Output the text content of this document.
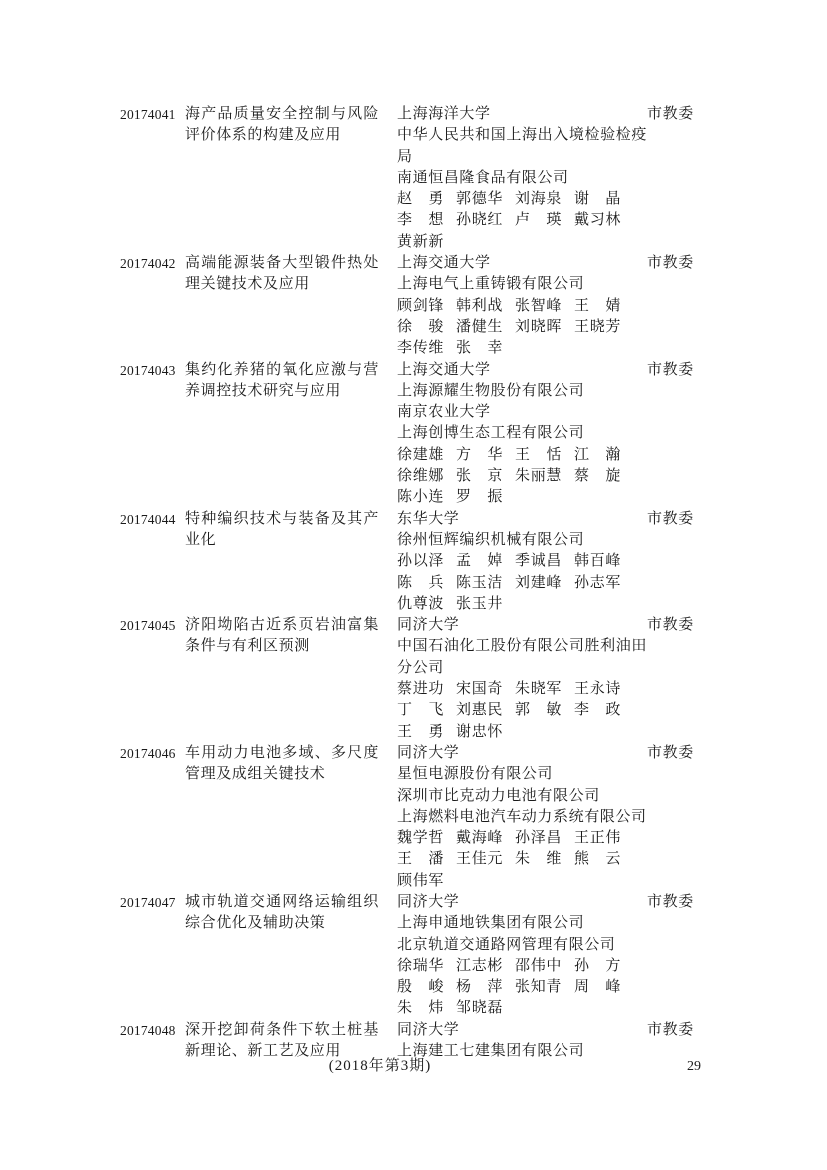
20174041 海产品质量安全控制与风险评价体系的构建及应用
上海海洋大学
中华人民共和国上海出入境检验检疫局
南通恒昌隆食品有限公司
赵 勇 郭 德 华 刘 海 泉 谢 晶
李 想 孙 晓 红 卢 瑛 戴 习 林
黄 新 新
市教委
20174042 高端能源装备大型锻件热处理关键技术及应用
上海交通大学
上海电气上重铸锻有限公司
顾 剑 锋 韩 利 战 张 智 峰 王 婧
徐 骏 潘 健 生 刘 晓 晖 王 晓 芳
李 传 维 张 幸
市教委
20174043 集约化养猪的氧化应激与营养调控技术研究与应用
上海交通大学
上海源耀生物股份有限公司
南京农业大学
上海创博生态工程有限公司
徐 建 雄 方 华 王 恬 江 瀚
徐 维 娜 张 京 朱 丽 慧 蔡 旋
陈 小 连 罗 振
市教委
20174044 特种编织技术与装备及其产业化
东华大学
徐州恒辉编织机械有限公司
孙 以 泽 孟 婥 季 诚 昌 韩 百 峰
陈 兵 陈 玉 洁 刘 建 峰 孙 志 军
仇 尊 波 张 玉 井
市教委
20174045 济阳坳陷古近系页岩油富集条件与有利区预测
同济大学
中国石油化工股份有限公司胜利油田分公司
蔡 进 功 宋 国 奇 朱 晓 军 王 永 诗
丁 飞 刘 惠 民 郭 敏 李 政
王 勇 谢 忠 怀
市教委
20174046 车用动力电池多域、多尺度管理及成组关键技术
同济大学
星恒电源股份有限公司
深圳市比克动力电池有限公司
上海燃料电池汽车动力系统有限公司
魏 学 哲 戴 海 峰 孙 泽 昌 王 正 伟
王 潘 王 佳 元 朱 维 熊 云
顾 伟 军
市教委
20174047 城市轨道交通网络运输组织综合优化及辅助决策
同济大学
上海申通地铁集团有限公司
北京轨道交通路网管理有限公司
徐 瑞 华 江 志 彬 邵 伟 中 孙 方
殷 峻 杨 萍 张 知 青 周 峰
朱 炜 邹 晓 磊
市教委
20174048 深开挖卸荷条件下软土桩基新理论、新工艺及应用
同济大学
上海建工七建集团有限公司
市教委
(2018年第3期)	29
